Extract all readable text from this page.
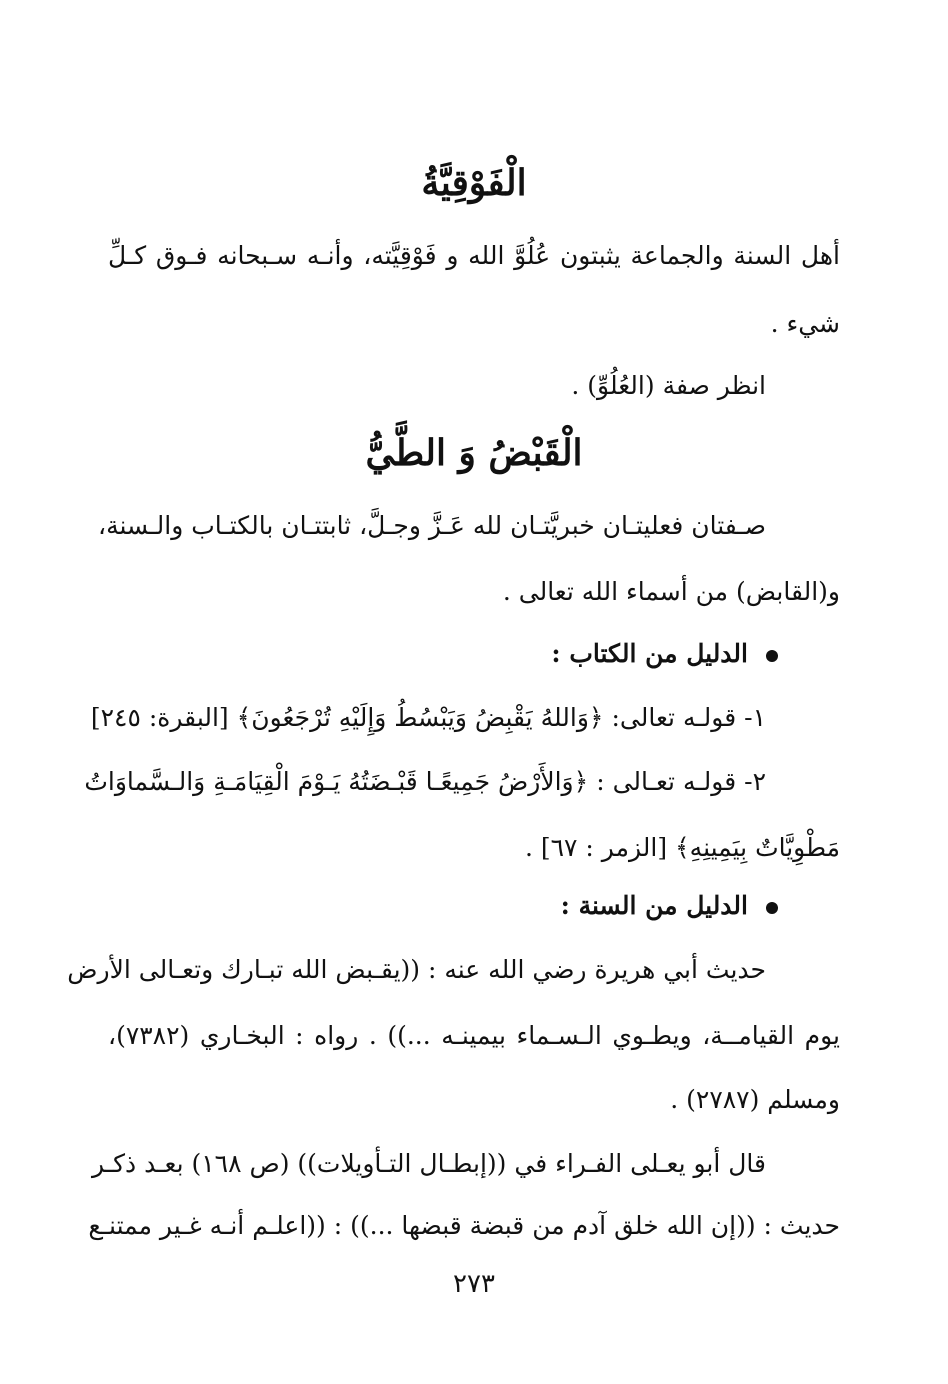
الْفَوْقِيَّةُ
أهل السنة والجماعة يثبتون عُلُوَّ الله و فَوْقِيَّته، وأنـه سـبحانه فـوق كـلِّ
شيء .
انظر صفة (العُلُوِّ) .
الْقَبْضُ وَ الطَّيُّ
صـفتان فعليتـان خبريَّتـان لله عَـزَّ وجـلَّ، ثابتتـان بالكتـاب والـسنة،
و(القابض) من أسماء الله تعالى .
الدليل من الكتاب :
١- قولـه تعالى: ﴿وَاللهُ يَقْبِضُ وَيَبْسُطُ وَإِلَيْهِ تُرْجَعُونَ﴾ [البقرة: ٢٤٥]
٢- قولـه تعـالى : ﴿وَالأَرْضُ جَمِيعًـا قَبْـضَتُهُ يَـوْمَ الْقِيَامَـةِ وَالـسَّماوَاتُ
مَطْوِيَّاتٌ بِيَمِينِهِ﴾ [الزمر : ٦٧] .
الدليل من السنة :
حديث أبي هريرة رضي الله عنه : ((يقـبض الله تبـارك وتعـالى الأرض
يوم القيامــة، ويطـوي الـسـماء بيمينـه ...)) . رواه : البخـاري (٧٣٨٢)،
ومسلم (٢٧٨٧) .
قال أبو يعـلى الفـراء في ((إبطـال التـأويلات)) (ص ١٦٨) بعـد ذكـر
حديث : ((إن الله خلق آدم من قبضة قبضها ...)) : ((اعلـم أنـه غـير ممتنـع
٢٧٣
